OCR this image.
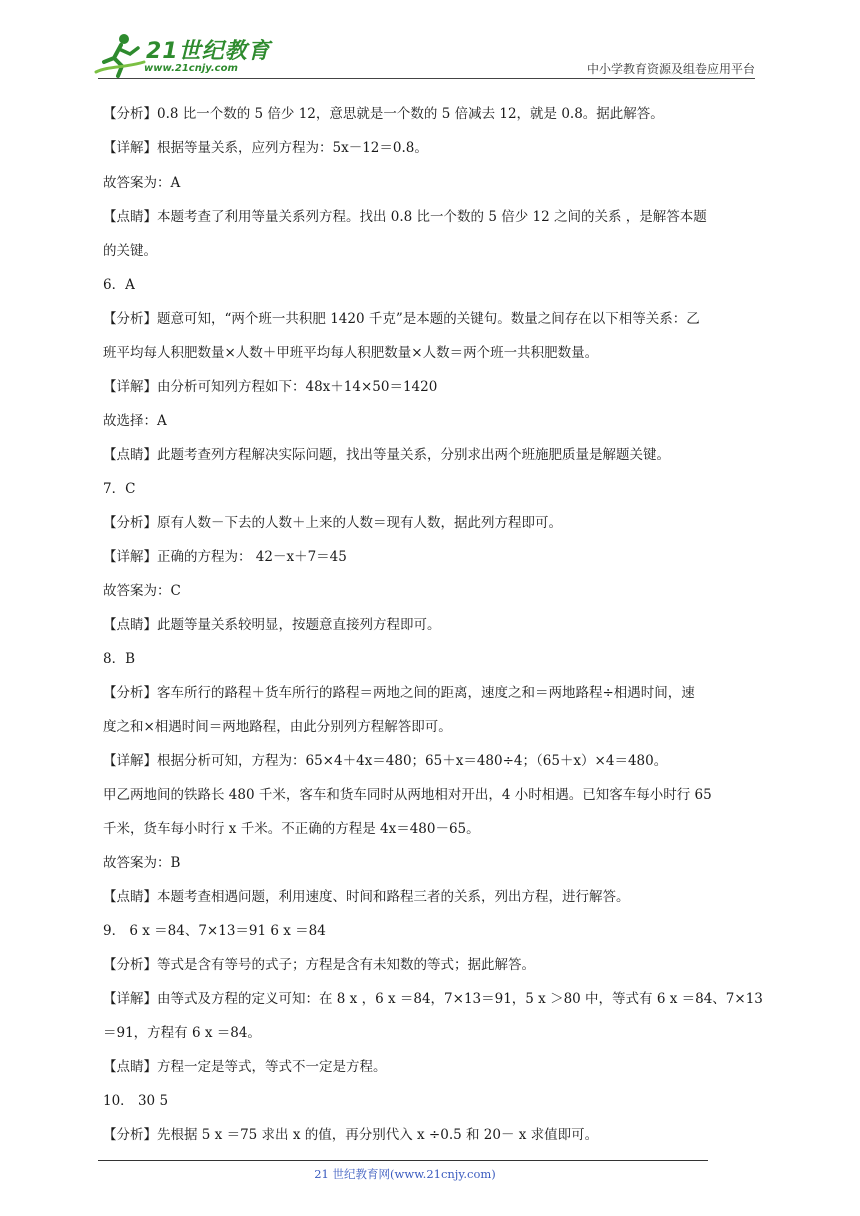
21世纪教育
www.21cnjy.com	中小学教育资源及组卷应用平台
【分析】0.8 比一个数的 5 倍少 12，意思就是一个数的 5 倍减去 12，就是 0.8。据此解答。
【详解】根据等量关系，应列方程为：5x－12＝0.8。
故答案为：A
【点睛】本题考查了利用等量关系列方程。找出 0.8 比一个数的 5 倍少 12 之间的关系 ，是解答本题
的关键。
6．A
【分析】题意可知，“两个班一共积肥 1420 千克”是本题的关键句。数量之间存在以下相等关系：乙
班平均每人积肥数量×人数＋甲班平均每人积肥数量×人数＝两个班一共积肥数量。
【详解】由分析可知列方程如下：48x＋14×50＝1420
故选择：A
【点睛】此题考查列方程解决实际问题，找出等量关系，分别求出两个班施肥质量是解题关键。
7．C
【分析】原有人数－下去的人数＋上来的人数＝现有人数，据此列方程即可。
【详解】正确的方程为： 42－x＋7＝45
故答案为：C
【点睛】此题等量关系较明显，按题意直接列方程即可。
8．B
【分析】客车所行的路程＋货车所行的路程＝两地之间的距离，速度之和＝两地路程÷相遇时间，速
度之和×相遇时间＝两地路程，由此分别列方程解答即可。
【详解】根据分析可知，方程为：65×4＋4x＝480；65＋x＝480÷4；（65＋x）×4＝480。
甲乙两地间的铁路长 480 千米，客车和货车同时从两地相对开出，4 小时相遇。已知客车每小时行 65
千米，货车每小时行 x 千米。不正确的方程是 4x＝480－65。
故答案为：B
【点睛】本题考查相遇问题，利用速度、时间和路程三者的关系，列出方程，进行解答。
9． 6 x ＝84、7×13＝91 6 x ＝84
【分析】等式是含有等号的式子；方程是含有未知数的等式；据此解答。
【详解】由等式及方程的定义可知：在 8 x ，6 x ＝84，7×13＝91，5 x ＞80 中，等式有 6 x ＝84、7×13
＝91，方程有 6 x ＝84。
【点睛】方程一定是等式，等式不一定是方程。
10． 30 5
【分析】先根据 5 x ＝75 求出 x 的值，再分别代入 x ÷0.5 和 20－ x 求值即可。
21 世纪教育网(www.21cnjy.com)
